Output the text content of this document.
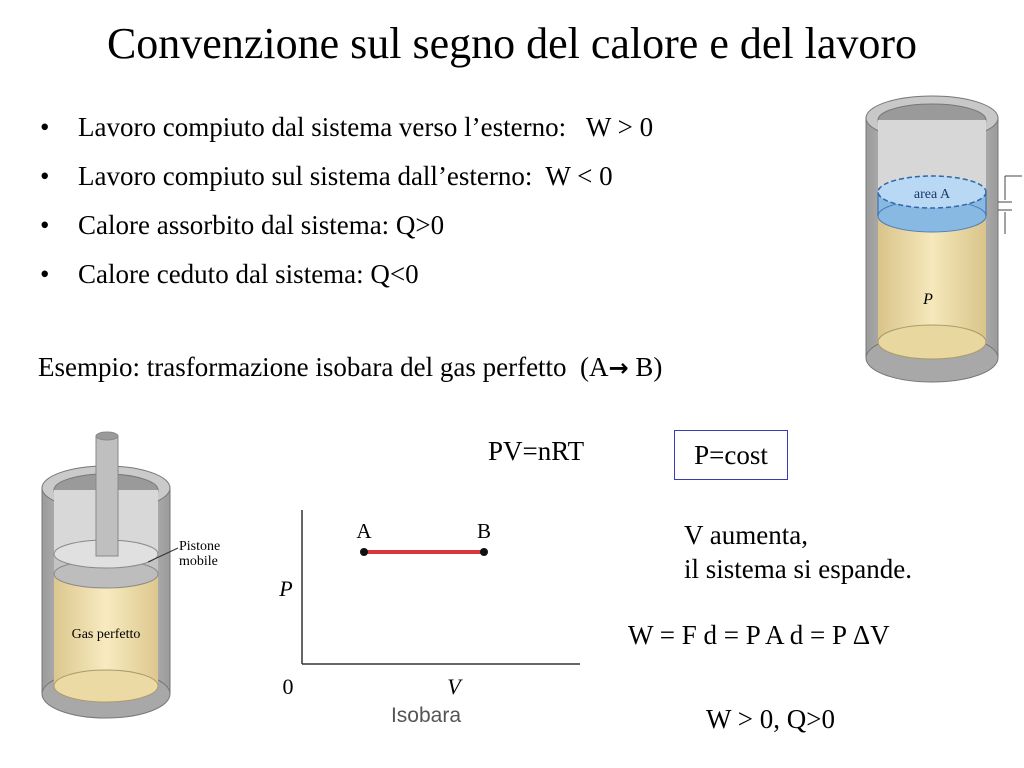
Convenzione sul segno del calore e del lavoro
• Lavoro compiuto dal sistema verso l’esterno:   W > 0
• Lavoro compiuto sul sistema dall’esterno:  W < 0
• Calore assorbito dal sistema: Q>0
• Calore ceduto dal sistema: Q<0
Esempio: trasformazione isobara del gas perfetto  (A→ B)
PV=nRT	P=cost
V aumenta,
il sistema si espande.
W = F d = P A d = P ΔV
W > 0, Q>0
area A
P
Pistone
mobile
Gas perfetto
P
V
0
A	B
Isobara
